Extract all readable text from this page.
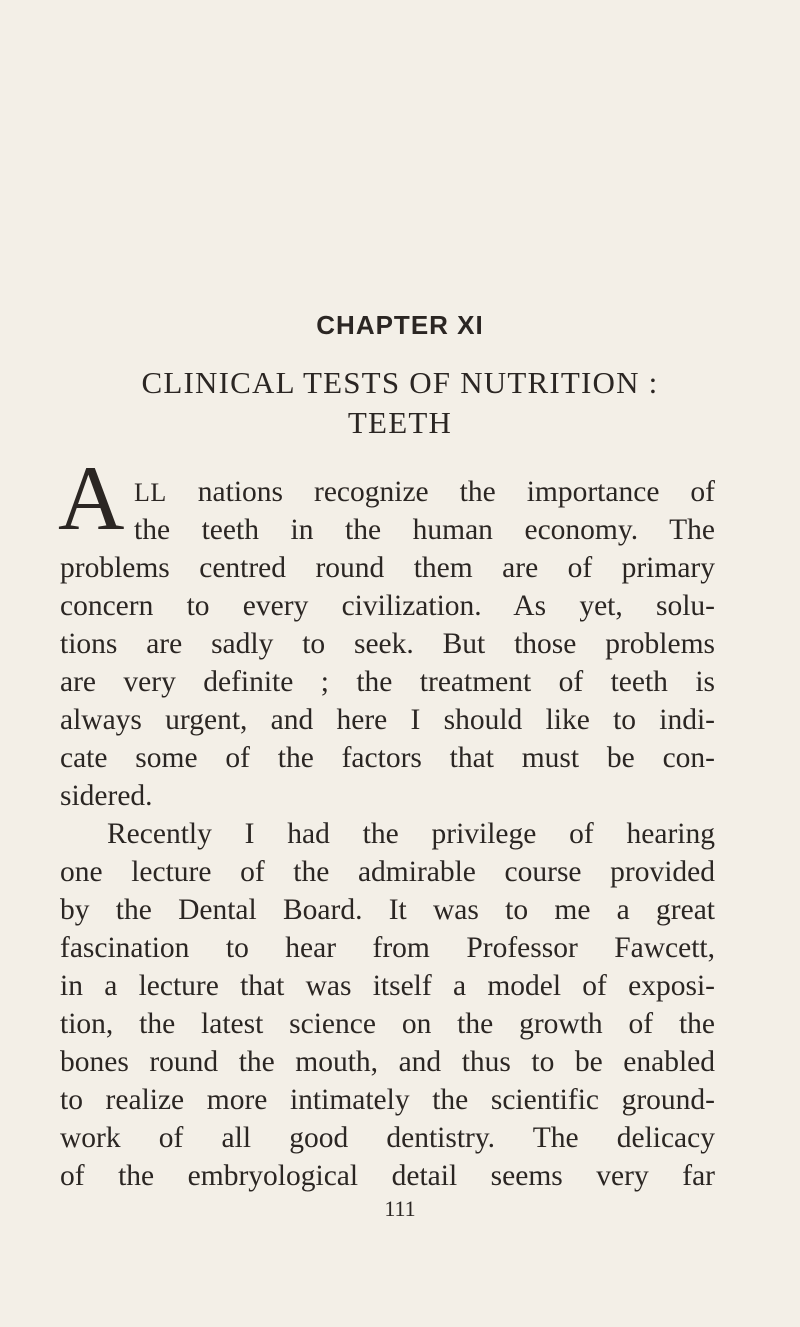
CHAPTER XI
CLINICAL TESTS OF NUTRITION :
TEETH
A LL nations recognize the importance of
the teeth in the human economy. The
problems centred round them are of primary
concern to every civilization. As yet, solu-
tions are sadly to seek. But those problems
are very definite ; the treatment of teeth is
always urgent, and here I should like to indi-
cate some of the factors that must be con-
sidered.
Recently I had the privilege of hearing
one lecture of the admirable course provided
by the Dental Board. It was to me a great
fascination to hear from Professor Fawcett,
in a lecture that was itself a model of exposi-
tion, the latest science on the growth of the
bones round the mouth, and thus to be enabled
to realize more intimately the scientific ground-
work of all good dentistry. The delicacy
of the embryological detail seems very far
111
